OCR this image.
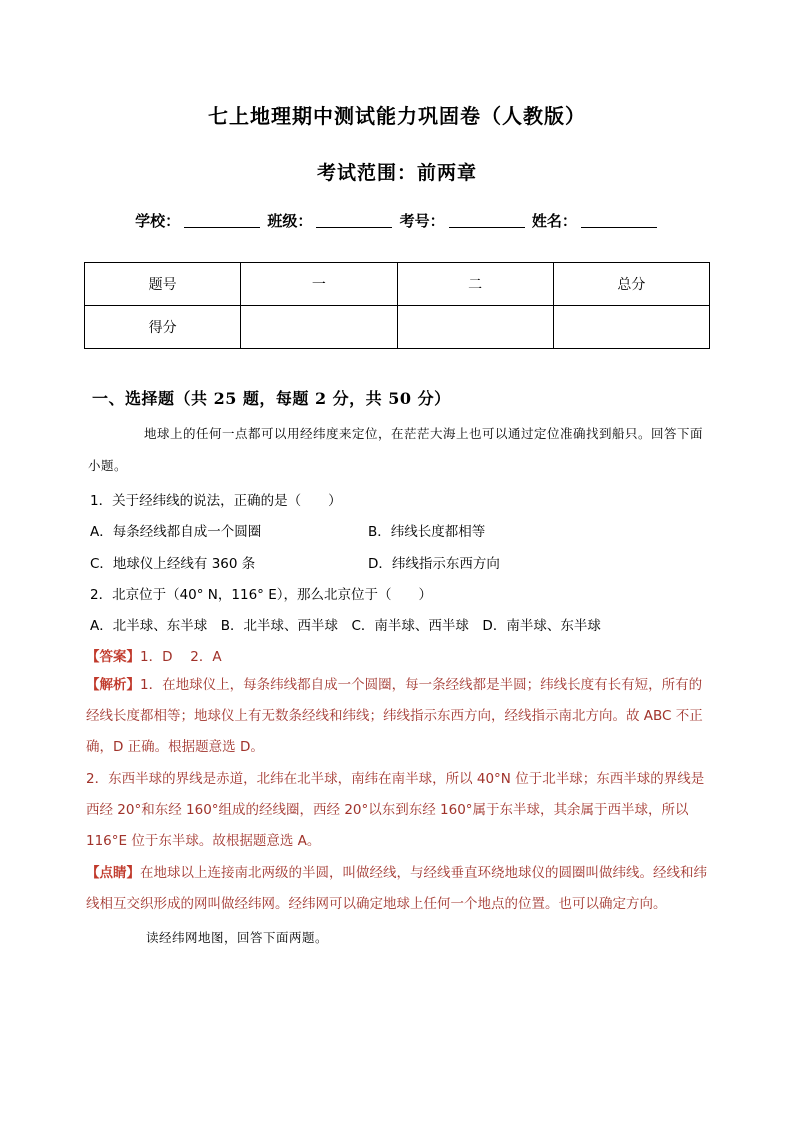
七上地理期中测试能力巩固卷（人教版）
考试范围：前两章
学校：	班级：	考号：	姓名：
题号	一	二	总分
得分			
一、选择题（共 25 题，每题 2 分，共 50 分）
地球上的任何一点都可以用经纬度来定位，在茫茫大海上也可以通过定位准确找到船只。回答下面小题。
1．关于经纬线的说法，正确的是（　　）
A．每条经线都自成一个圆圈	B．纬线长度都相等
C．地球仪上经线有 360 条	D．纬线指示东西方向
2．北京位于（40° N，116° E），那么北京位于（　　）
A．北半球、东半球　B．北半球、西半球　C．南半球、西半球　D．南半球、东半球
【答案】1．D　 2．A
【解析】1．在地球仪上，每条纬线都自成一个圆圈，每一条经线都是半圆；纬线长度有长有短，所有的经线长度都相等；地球仪上有无数条经线和纬线；纬线指示东西方向，经线指示南北方向。故 ABC 不正确，D 正确。根据题意选 D。
2．东西半球的界线是赤道，北纬在北半球，南纬在南半球，所以 40°N 位于北半球；东西半球的界线是西经 20°和东经 160°组成的经线圈，西经 20°以东到东经 160°属于东半球，其余属于西半球，所以 116°E 位于东半球。故根据题意选 A。
【点睛】在地球以上连接南北两级的半圆，叫做经线，与经线垂直环绕地球仪的圆圈叫做纬线。经线和纬线相互交织形成的网叫做经纬网。经纬网可以确定地球上任何一个地点的位置。也可以确定方向。
读经纬网地图，回答下面两题。
